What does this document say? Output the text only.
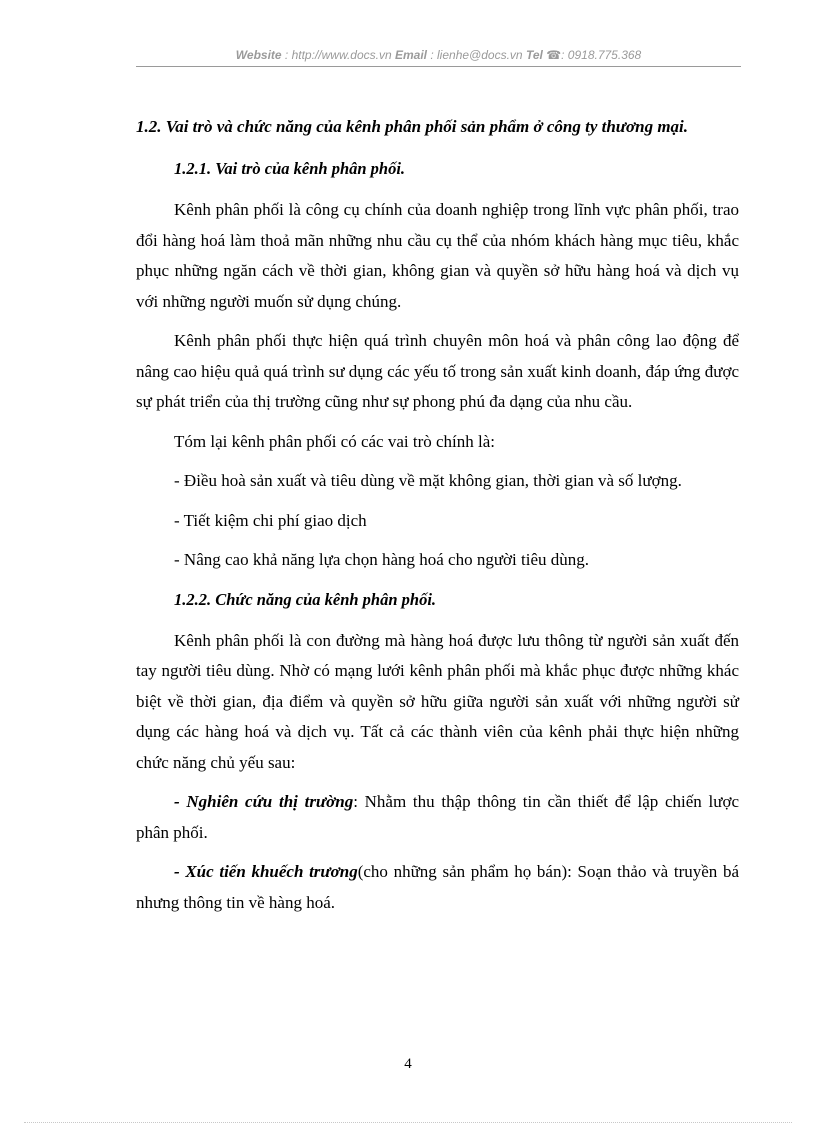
Website : http://www.docs.vn Email : lienhe@docs.vn Tel ☎: 0918.775.368

1.2. Vai trò và chức năng của kênh phân phối sản phẩm ở công ty thương mại.

1.2.1. Vai trò của kênh phân phối.

Kênh phân phối là công cụ chính của doanh nghiệp trong lĩnh vực phân phối, trao đổi hàng hoá làm thoả mãn những nhu cầu cụ thể của nhóm khách hàng mục tiêu, khắc phục những ngăn cách về thời gian, không gian và quyền sở hữu hàng hoá và dịch vụ với những người muốn sử dụng chúng.

Kênh phân phối thực hiện quá trình chuyên môn hoá và phân công lao động để nâng cao hiệu quả quá trình sư dụng các yếu tố trong sản xuất kinh doanh, đáp ứng được sự phát triển của thị trường cũng như sự phong phú đa dạng của nhu cầu.

Tóm lại kênh phân phối có các vai trò chính là:

- Điều hoà sản xuất và tiêu dùng về mặt không gian, thời gian và số lượng.

- Tiết kiệm chi phí giao dịch

- Nâng cao khả năng lựa chọn hàng hoá cho người tiêu dùng.

1.2.2. Chức năng của kênh phân phối.

Kênh phân phối là con đường mà hàng hoá được lưu thông từ người sản xuất đến tay người tiêu dùng. Nhờ có mạng lưới kênh phân phối mà khắc phục được những khác biệt về thời gian, địa điểm và quyền sở hữu giữa người sản xuất với những người sử dụng các hàng hoá và dịch vụ. Tất cả các thành viên của kênh phải thực hiện những chức năng chủ yếu sau:

- Nghiên cứu thị trường: Nhằm thu thập thông tin cần thiết để lập chiến lược phân phối.

- Xúc tiến khuếch trương(cho những sản phẩm họ bán): Soạn thảo và truyền bá nhưng thông tin về hàng hoá.

4
